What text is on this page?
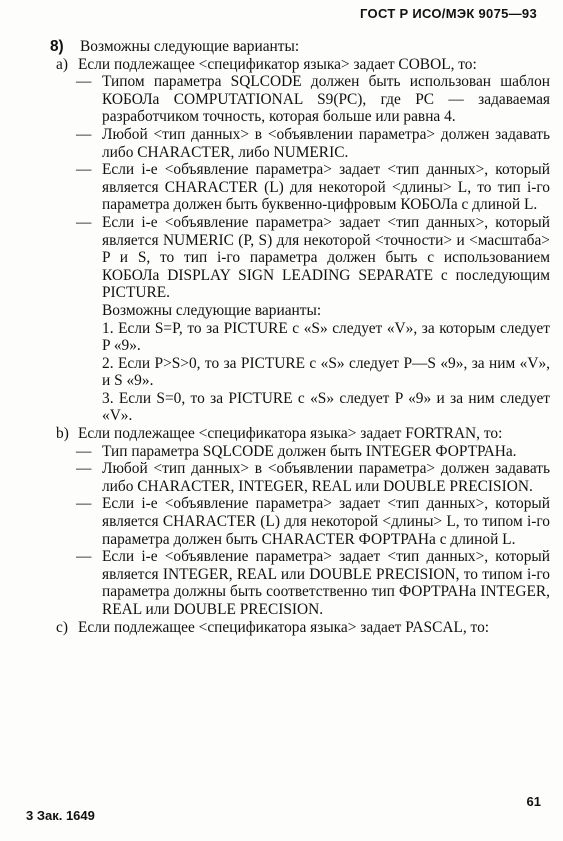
ГОСТ Р ИСО/МЭК 9075—93

8) Возможны следующие варианты:

a) Если подлежащее <спецификатор языка> задает COBOL, то:

— Типом параметра SQLCODE должен быть использован шаблон КОБОЛа COMPUTATIONAL S9(PC), где PC — задаваемая разработчиком точность, которая больше или равна 4.

— Любой <тип данных> в <объявлении параметра> должен задавать либо CHARACTER, либо NUMERIC.

— Если i-е <объявление параметра> задает <тип данных>, который является CHARACTER (L) для некоторой <длины> L, то тип i-го параметра должен быть буквенно-цифровым КОБОЛа с длиной L.

— Если i-е <объявление параметра> задает <тип данных>, который является NUMERIC (P, S) для некоторой <точности> и <масштаба> P и S, то тип i-го параметра должен быть с использованием КОБОЛа DISPLAY SIGN LEADING SEPARATE с последующим PICTURE.

Возможны следующие варианты:

1. Если S=P, то за PICTURE с «S» следует «V», за которым следует P «9».

2. Если P>S>0, то за PICTURE с «S» следует P—S «9», за ним «V», и S «9».

3. Если S=0, то за PICTURE с «S» следует P «9» и за ним следует «V».

b) Если подлежащее <спецификатора языка> задает FORTRAN, то:

— Тип параметра SQLCODE должен быть INTEGER ФОРТРАНа.

— Любой <тип данных> в <объявлении параметра> должен задавать либо CHARACTER, INTEGER, REAL или DOUBLE PRECISION.

— Если i-е <объявление параметра> задает <тип данных>, который является CHARACTER (L) для некоторой <длины> L, то типом i-го параметра должен быть CHARACTER ФОРТРАНа с длиной L.

— Если i-е <объявление параметра> задает <тип данных>, который является INTEGER, REAL или DOUBLE PRECISION, то типом i-го параметра должны быть соответственно тип ФОРТРАНа INTEGER, REAL или DOUBLE PRECISION.

c) Если подлежащее <спецификатора языка> задает PASCAL, то:

61
3 Зак. 1649
